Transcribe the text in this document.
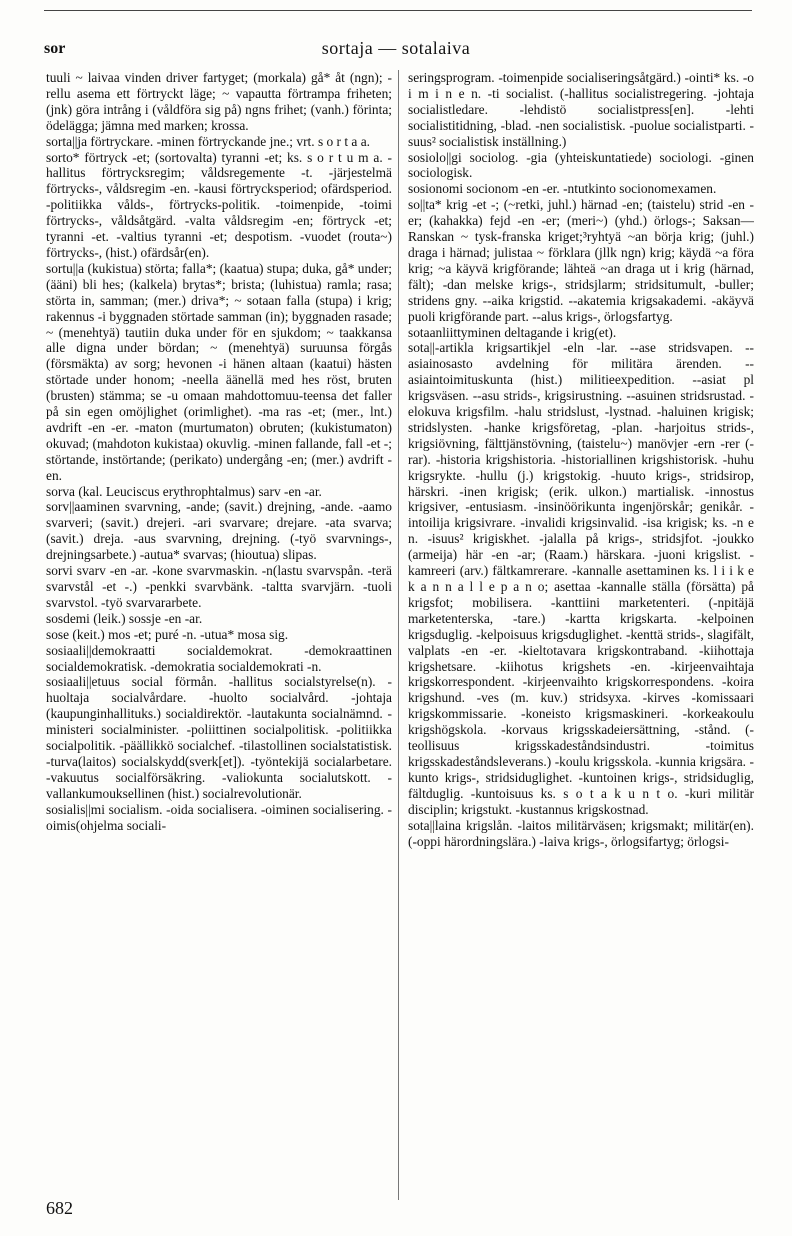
sor	sortaja — sotalaiva

tuuli ~ laivaa vinden driver fartyget; (morkala) gå* åt (ngn); -rellu asema ett förtryckt läge; ~ vapautta förtrampa friheten; (jnk) göra intrång i (våldföra sig på) ngns frihet; (vanh.) förinta; ödelägga; jämna med marken; krossa.

sorta||ja förtryckare. -minen förtryckande jne.; vrt. s o r t a a.

sorto* förtryck -et; (sortovalta) tyranni -et; ks. s o r t u m a. -hallitus förtrycksregim; våldsregemente -t. -järjestelmä förtrycks-, våldsregim -en. -kausi förtrycksperiod; ofärdsperiod. -politiikka vålds-, förtrycks-politik. -toimenpide, -toimi förtrycks-, våldsåtgärd. -valta våldsregim -en; förtryck -et; tyranni -et. -valtius tyranni -et; despotism. -vuodet (routa~) förtrycks-, (hist.) ofärdsår(en).

sortu||a (kukistua) störta; falla*; (kaatua) stupa; duka, gå* under; (ääni) bli hes; (kalkela) brytas*; brista; (luhistua) ramla; rasa; störta in, samman; (mer.) driva*; ~ sotaan falla (stupa) i krig; rakennus -i byggnaden störtade samman (in); byggnaden rasade; ~ (menehtyä) tautiin duka under för en sjukdom; ~ taakkansa alle digna under bördan; ~ (menehtyä) suruunsa förgås (försmäkta) av sorg; hevonen -i hänen altaan (kaatui) hästen störtade under honom; -neella äänellä med hes röst, bruten (brusten) stämma; se -u omaan mahdottomuu-teensa det faller på sin egen omöjlighet (orimlighet). -ma ras -et; (mer., lnt.) avdrift -en -er. -maton (murtumaton) obruten; (kukistumaton) okuvad; (mahdoton kukistaa) okuvlig. -minen fallande, fall -et -; störtande, instörtande; (perikato) undergång -en; (mer.) avdrift -en.

sorva (kal. Leuciscus erythrophtalmus) sarv -en -ar.

sorv||aaminen svarvning, -ande; (savit.) drejning, -ande. -aamo svarveri; (savit.) drejeri. -ari svarvare; drejare. -ata svarva; (savit.) dreja. -aus svarvning, drejning. (-työ svarvnings-, drejningsarbete.) -autua* svarvas; (hioutua) slipas.

sorvi svarv -en -ar. -kone svarvmaskin. -n(lastu svarvspån. -terä svarvstål -et -.) -penkki svarvbänk. -taltta svarvjärn. -tuoli svarvstol. -työ svarvararbete.

sosdemi (leik.) sossje -en -ar.

sose (keit.) mos -et; puré -n. -utua* mosa sig.

sosiaali||demokraatti socialdemokrat. -demokraattinen socialdemokratisk. -demokratia socialdemokrati -n.

sosiaali||etuus social förmån. -hallitus socialstyrelse(n). -huoltaja socialvårdare. -huolto socialvård. -johtaja (kaupunginhallituks.) socialdirektör. -lautakunta socialnämnd. -ministeri socialminister. -poliittinen socialpolitisk. -politiikka socialpolitik. -päällikkö socialchef. -tilastollinen socialstatistisk. -turva(laitos) socialskydd(sverk[et]). -työntekijä socialarbetare. -vakuutus socialförsäkring. -valiokunta socialutskott. -vallankumouksellinen (hist.) socialrevolutionär.

sosialis||mi socialism. -oida socialisera. -oiminen socialisering. -oimis(ohjelma sociali-

seringsprogram. -toimenpide socialiseringsåtgärd.) -ointi* ks. -o i m i n e n. -ti socialist. (-hallitus socialistregering. -johtaja socialistledare. -lehdistö socialistpress[en]. -lehti socialistitidning, -blad. -nen socialistisk. -puolue socialistparti. -suus² socialistisk inställning.)

sosiolo||gi sociolog. -gia (yhteiskuntatiede) sociologi. -ginen sociologisk.

sosionomi socionom -en -er. -ntutkinto socionomexamen.

so||ta* krig -et -; (~retki, juhl.) härnad -en; (taistelu) strid -en -er; (kahakka) fejd -en -er; (meri~) (yhd.) örlogs-; Saksan—Ranskan ~ tysk-franska kriget;³ryhtyä ~an börja krig; (juhl.) draga i härnad; julistaa ~ förklara (jllk ngn) krig; käydä ~a föra krig; ~a käyvä krigförande; lähteä ~an draga ut i krig (härnad, fält); -dan melske krigs-, stridsjlarm; stridsitumult, -buller; stridens gny. --aika krigstid. --akatemia krigsakademi. -akäyvä puoli krigförande part. --alus krigs-, örlogsfartyg.

sotaanliittyminen deltagande i krig(et).

sota||-artikla krigsartikjel -eln -lar. --ase stridsvapen. --asiainosasto avdelning för militära ärenden. --asiaintoimituskunta (hist.) militieexpedition. --asiat pl krigsväsen. --asu strids-, krigsirustning. --asuinen stridsrustad. -elokuva krigsfilm. -halu stridslust, -lystnad. -haluinen krigisk; stridslysten. -hanke krigsföretag, -plan. -harjoitus strids-, krigsiövning, fälttjänstövning, (taistelu~) manövjer -ern -rer (-rar). -historia krigshistoria. -historiallinen krigshistorisk. -huhu krigsrykte. -hullu (j.) krigstokig. -huuto krigs-, stridsirop, härskri. -inen krigisk; (erik. ulkon.) martialisk. -innostus krigsiver, -entusiasm. -insinöörikunta ingenjörskår; genikår. -intoilija krigsivrare. -invalidi krigsinvalid. -isa krigisk; ks. -n e n. -isuus² krigiskhet. -jalalla på krigs-, stridsjfot. -joukko (armeija) här -en -ar; (Raam.) härskara. -juoni krigslist. -kamreeri (arv.) fältkamrerare. -kannalle asettaminen ks. l i i k e k a n n a l l e p a n o; asettaa -kannalle ställa (försätta) på krigsfot; mobilisera. -kanttiini marketenteri. (-npitäjä marketenterska, -tare.) -kartta krigskarta. -kelpoinen krigsduglig. -kelpoisuus krigsduglighet. -kenttä strids-, slagifält, valplats -en -er. -kieltotavara krigskontraband. -kiihottaja krigshetsare. -kiihotus krigshets -en. -kirjeenvaihtaja krigskorrespondent. -kirjeenvaihto krigskorrespondens. -koira krigshund. -ves (m. kuv.) stridsyxa. -kirves -komissaari krigskommissarie. -koneisto krigsmaskineri. -korkeakoulu krigshögskola. -korvaus krigsskadeiersättning, -stånd. (-teollisuus krigsskadeståndsindustri. -toimitus krigsskadeståndsleverans.) -koulu krigsskola. -kunnia krigsära. -kunto krigs-, stridsiduglighet. -kuntoinen krigs-, stridsiduglig, fältduglig. -kuntoisuus ks. s o t a k u n t o. -kuri militär disciplin; krigstukt. -kustannus krigskostnad.

sota||laina krigslån. -laitos militärväsen; krigsmakt; militär(en). (-oppi härordningslära.) -laiva krigs-, örlogsifartyg; örlogsi-

682
